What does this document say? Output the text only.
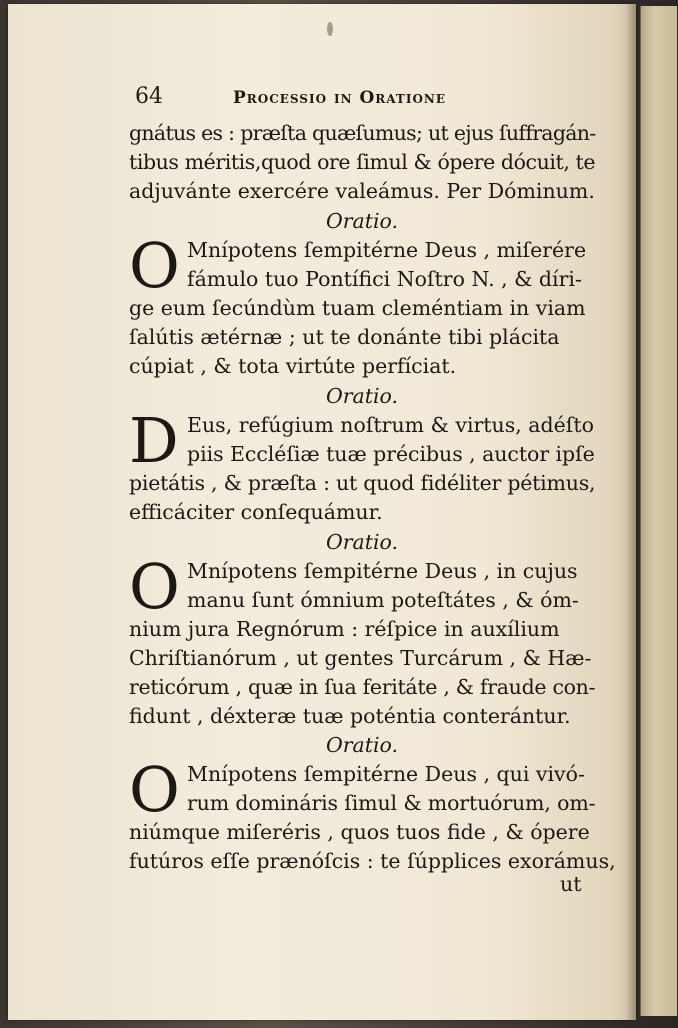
64	Processio in Oratione
gnátus es : præſta quæſumus; ut ejus ſuffragán-
tibus méritis,quod ore ſimul & ópere dócuit, te
adjuvánte exercére valeámus. Per Dóminum.
Oratio.
O Mnípotens ſempitérne Deus , miſerére
fámulo tuo Pontífici Noſtro N. , & díri-
ge eum ſecúndùm tuam cleméntiam in viam
ſalútis ætérnæ ; ut te donánte tibi plácita
cúpiat , & tota virtúte perfíciat.
Oratio.
D Eus, refúgium noſtrum & virtus, adéſto
piis Eccléſiæ tuæ précibus , auctor ipſe
pietátis , & præſta : ut quod fidéliter pétimus,
efficáciter conſequámur.
Oratio.
O Mnípotens ſempitérne Deus , in cujus
manu ſunt ómnium poteſtátes , & óm-
nium jura Regnórum : réſpice in auxílium
Chriſtianórum , ut gentes Turcárum , & Hæ-
reticórum , quæ in ſua feritáte , & fraude con-
fidunt , déxteræ tuæ poténtia conterántur.
Oratio.
O Mnípotens ſempitérne Deus , qui vivó-
rum domináris ſimul & mortuórum, om-
niúmque miſeréris , quos tuos fide , & ópere
futúros eſſe prænóſcis : te ſúpplices exorámus,
ut
